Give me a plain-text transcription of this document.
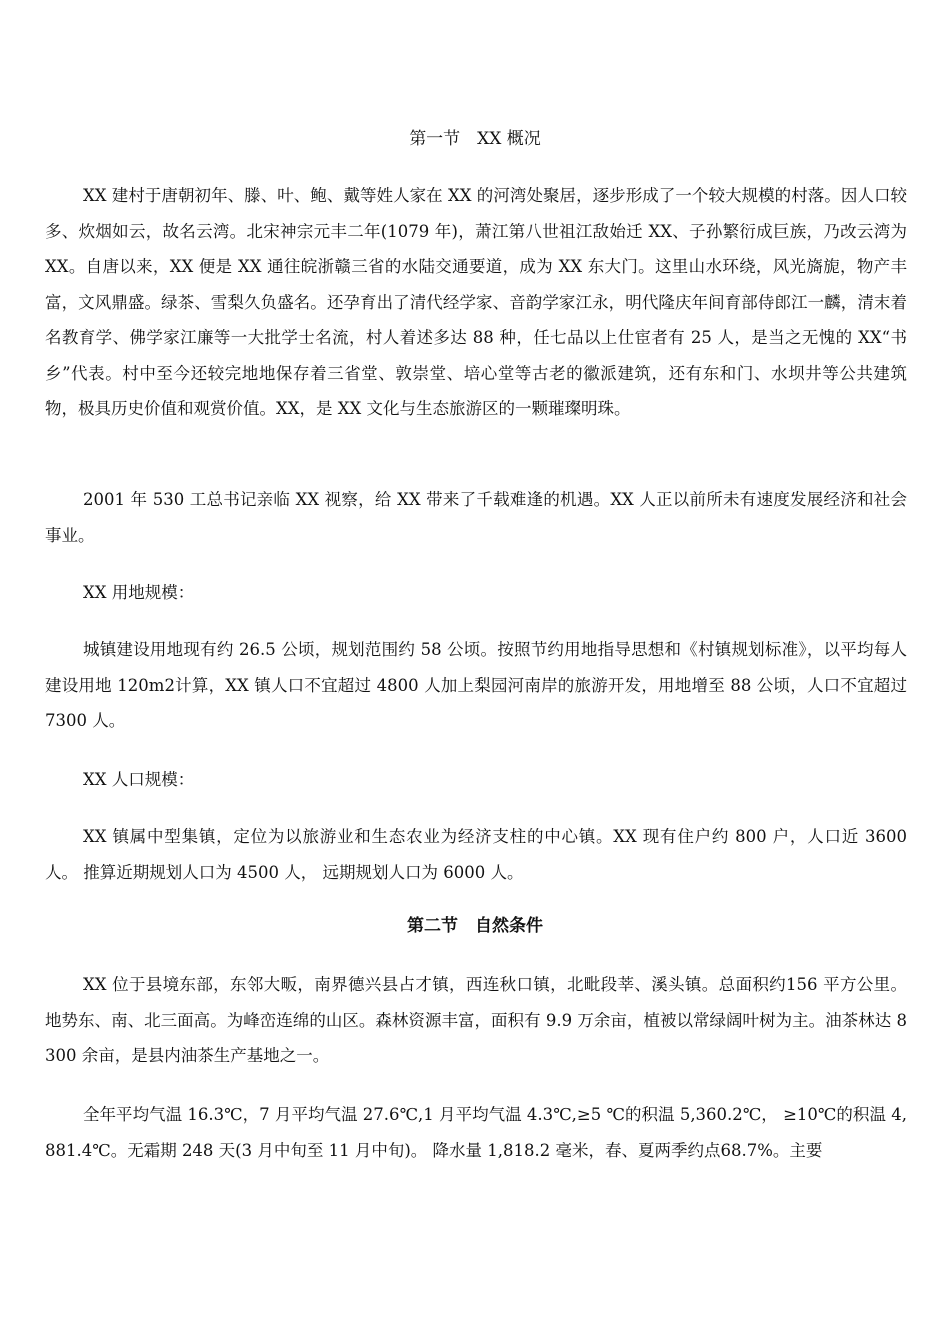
第一节　XX 概况

XX 建村于唐朝初年、滕、叶、鲍、戴等姓人家在 XX 的河湾处聚居，逐步形成了一个较大规模的村落。因人口较多、炊烟如云，故名云湾。北宋神宗元丰二年(1079 年)，萧江第八世祖江敌始迁 XX、子孙繁衍成巨族，乃改云湾为 XX。自唐以来，XX 便是 XX 通往皖浙赣三省的水陆交通要道，成为 XX 东大门。这里山水环绕，风光旖旎，物产丰富，文风鼎盛。绿茶、雪梨久负盛名。还孕育出了清代经学家、音韵学家江永，明代隆庆年间育部侍郎江一麟，清末着名教育学、佛学家江廉等一大批学士名流，村人着述多达 88 种，任七品以上仕宦者有 25 人，是当之无愧的 XX“书乡”代表。村中至今还较完地地保存着三省堂、敦崇堂、培心堂等古老的徽派建筑，还有东和门、水坝井等公共建筑物，极具历史价值和观赏价值。XX，是 XX 文化与生态旅游区的一颗璀璨明珠。

2001 年 530 工总书记亲临 XX 视察，给 XX 带来了千载难逢的机遇。XX 人正以前所未有速度发展经济和社会事业。

XX 用地规模：

城镇建设用地现有约 26.5 公顷，规划范围约 58 公顷。按照节约用地指导思想和《村镇规划标准》，以平均每人建设用地 120m2计算，XX 镇人口不宜超过 4800 人加上梨园河南岸的旅游开发，用地增至 88 公顷，人口不宜超过 7300 人。

XX 人口规模：

XX 镇属中型集镇，定位为以旅游业和生态农业为经济支柱的中心镇。XX 现有住户约 800 户，人口近 3600 人。 推算近期规划人口为 4500 人， 远期规划人口为 6000 人。

第二节　自然条件

XX 位于县境东部，东邻大畈，南界德兴县占才镇，西连秋口镇，北毗段莘、溪头镇。总面积约156 平方公里。地势东、南、北三面高。为峰峦连绵的山区。森林资源丰富，面积有 9.9 万余亩，植被以常绿阔叶树为主。油茶林达 8300 余亩，是县内油茶生产基地之一。

全年平均气温 16.3℃，7 月平均气温 27.6℃,1 月平均气温 4.3℃,≥5 ℃的积温 5,360.2℃， ≥10℃的积温 4,881.4℃。无霜期 248 天(3 月中旬至 11 月中旬)。 降水量 1,818.2 毫米，春、夏两季约点68.7%。主要
